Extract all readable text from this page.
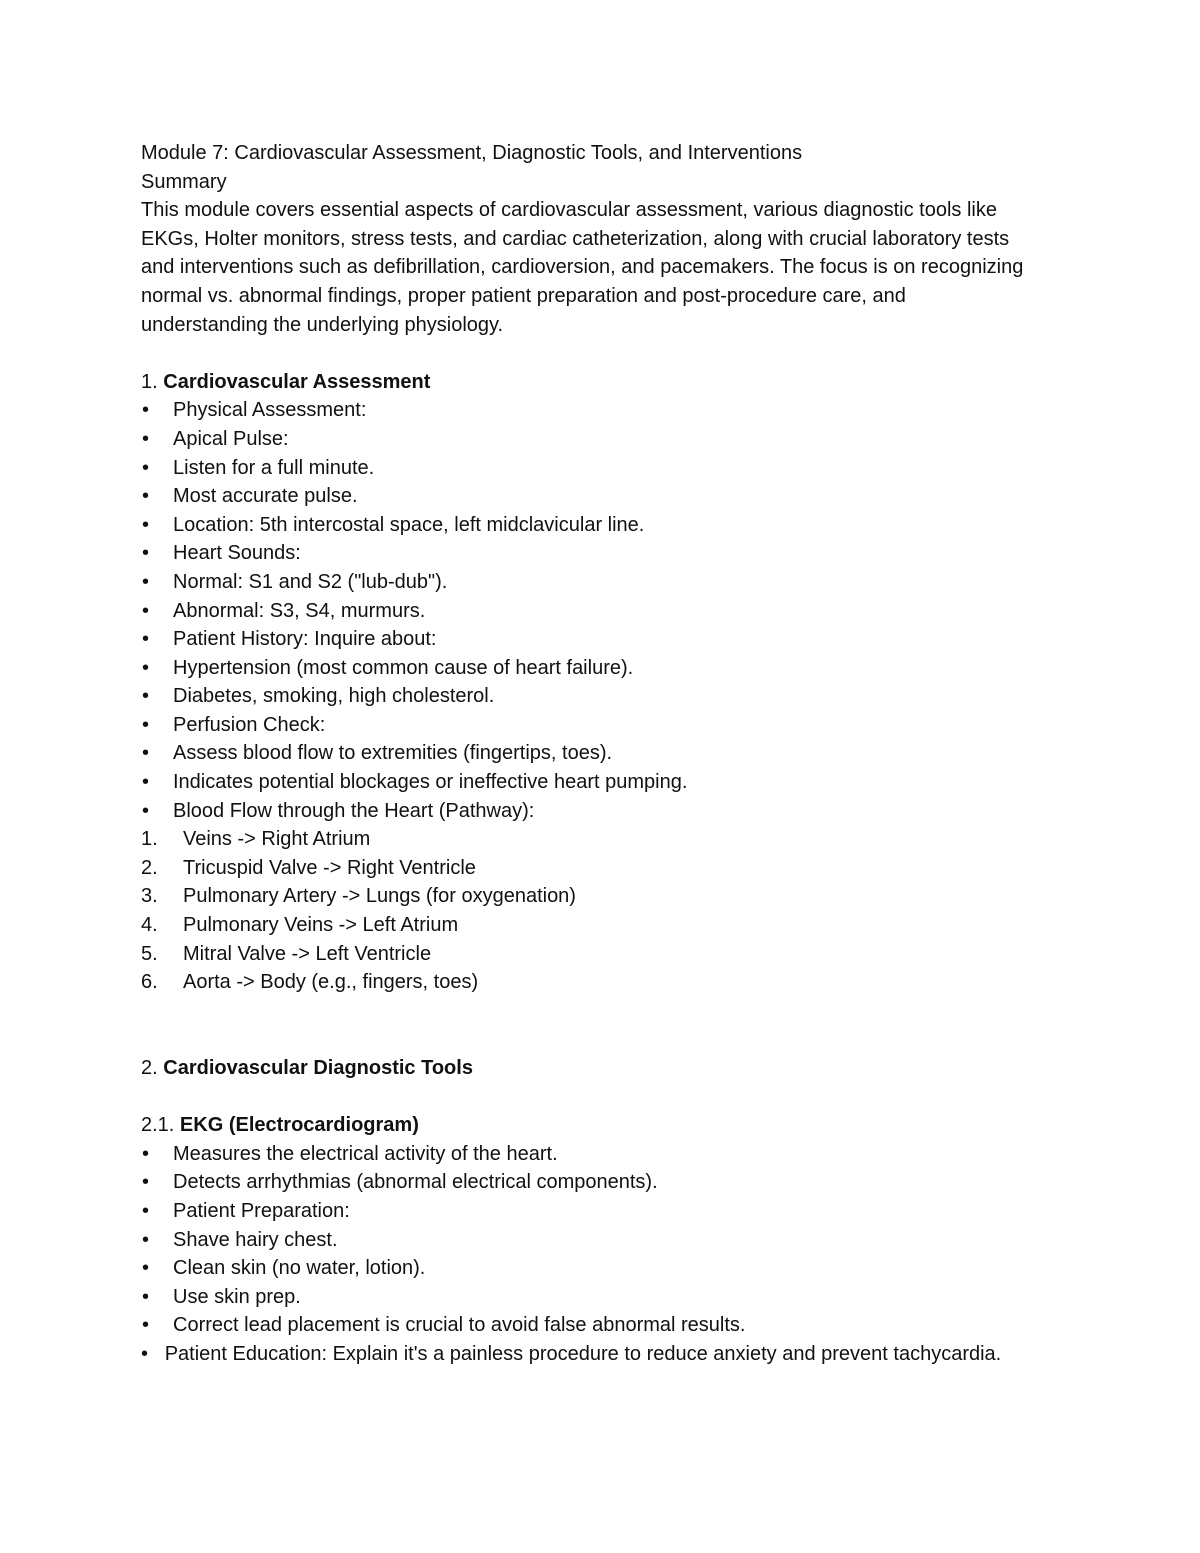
Module 7: Cardiovascular Assessment, Diagnostic Tools, and Interventions

Summary

This module covers essential aspects of cardiovascular assessment, various diagnostic tools like EKGs, Holter monitors, stress tests, and cardiac catheterization, along with crucial laboratory tests and interventions such as defibrillation, cardioversion, and pacemakers. The focus is on recognizing normal vs. abnormal findings, proper patient preparation and post-procedure care, and understanding the underlying physiology.

1. Cardiovascular Assessment

•	Physical Assessment:
•	Apical Pulse:
•	Listen for a full minute.
•	Most accurate pulse.
•	Location: 5th intercostal space, left midclavicular line.
•	Heart Sounds:
•	Normal: S1 and S2 ("lub-dub").
•	Abnormal: S3, S4, murmurs.
•	Patient History: Inquire about:
•	Hypertension (most common cause of heart failure).
•	Diabetes, smoking, high cholesterol.
•	Perfusion Check:
•	Assess blood flow to extremities (fingertips, toes).
•	Indicates potential blockages or ineffective heart pumping.
•	Blood Flow through the Heart (Pathway):
1.	Veins -> Right Atrium
2.	Tricuspid Valve -> Right Ventricle
3.	Pulmonary Artery -> Lungs (for oxygenation)
4.	Pulmonary Veins -> Left Atrium
5.	Mitral Valve -> Left Ventricle
6.	Aorta -> Body (e.g., fingers, toes)

2. Cardiovascular Diagnostic Tools

2.1. EKG (Electrocardiogram)

•	Measures the electrical activity of the heart.
•	Detects arrhythmias (abnormal electrical components).
•	Patient Preparation:
•	Shave hairy chest.
•	Clean skin (no water, lotion).
•	Use skin prep.
•	Correct lead placement is crucial to avoid false abnormal results.

• Patient Education: Explain it's a painless procedure to reduce anxiety and prevent tachycardia.
